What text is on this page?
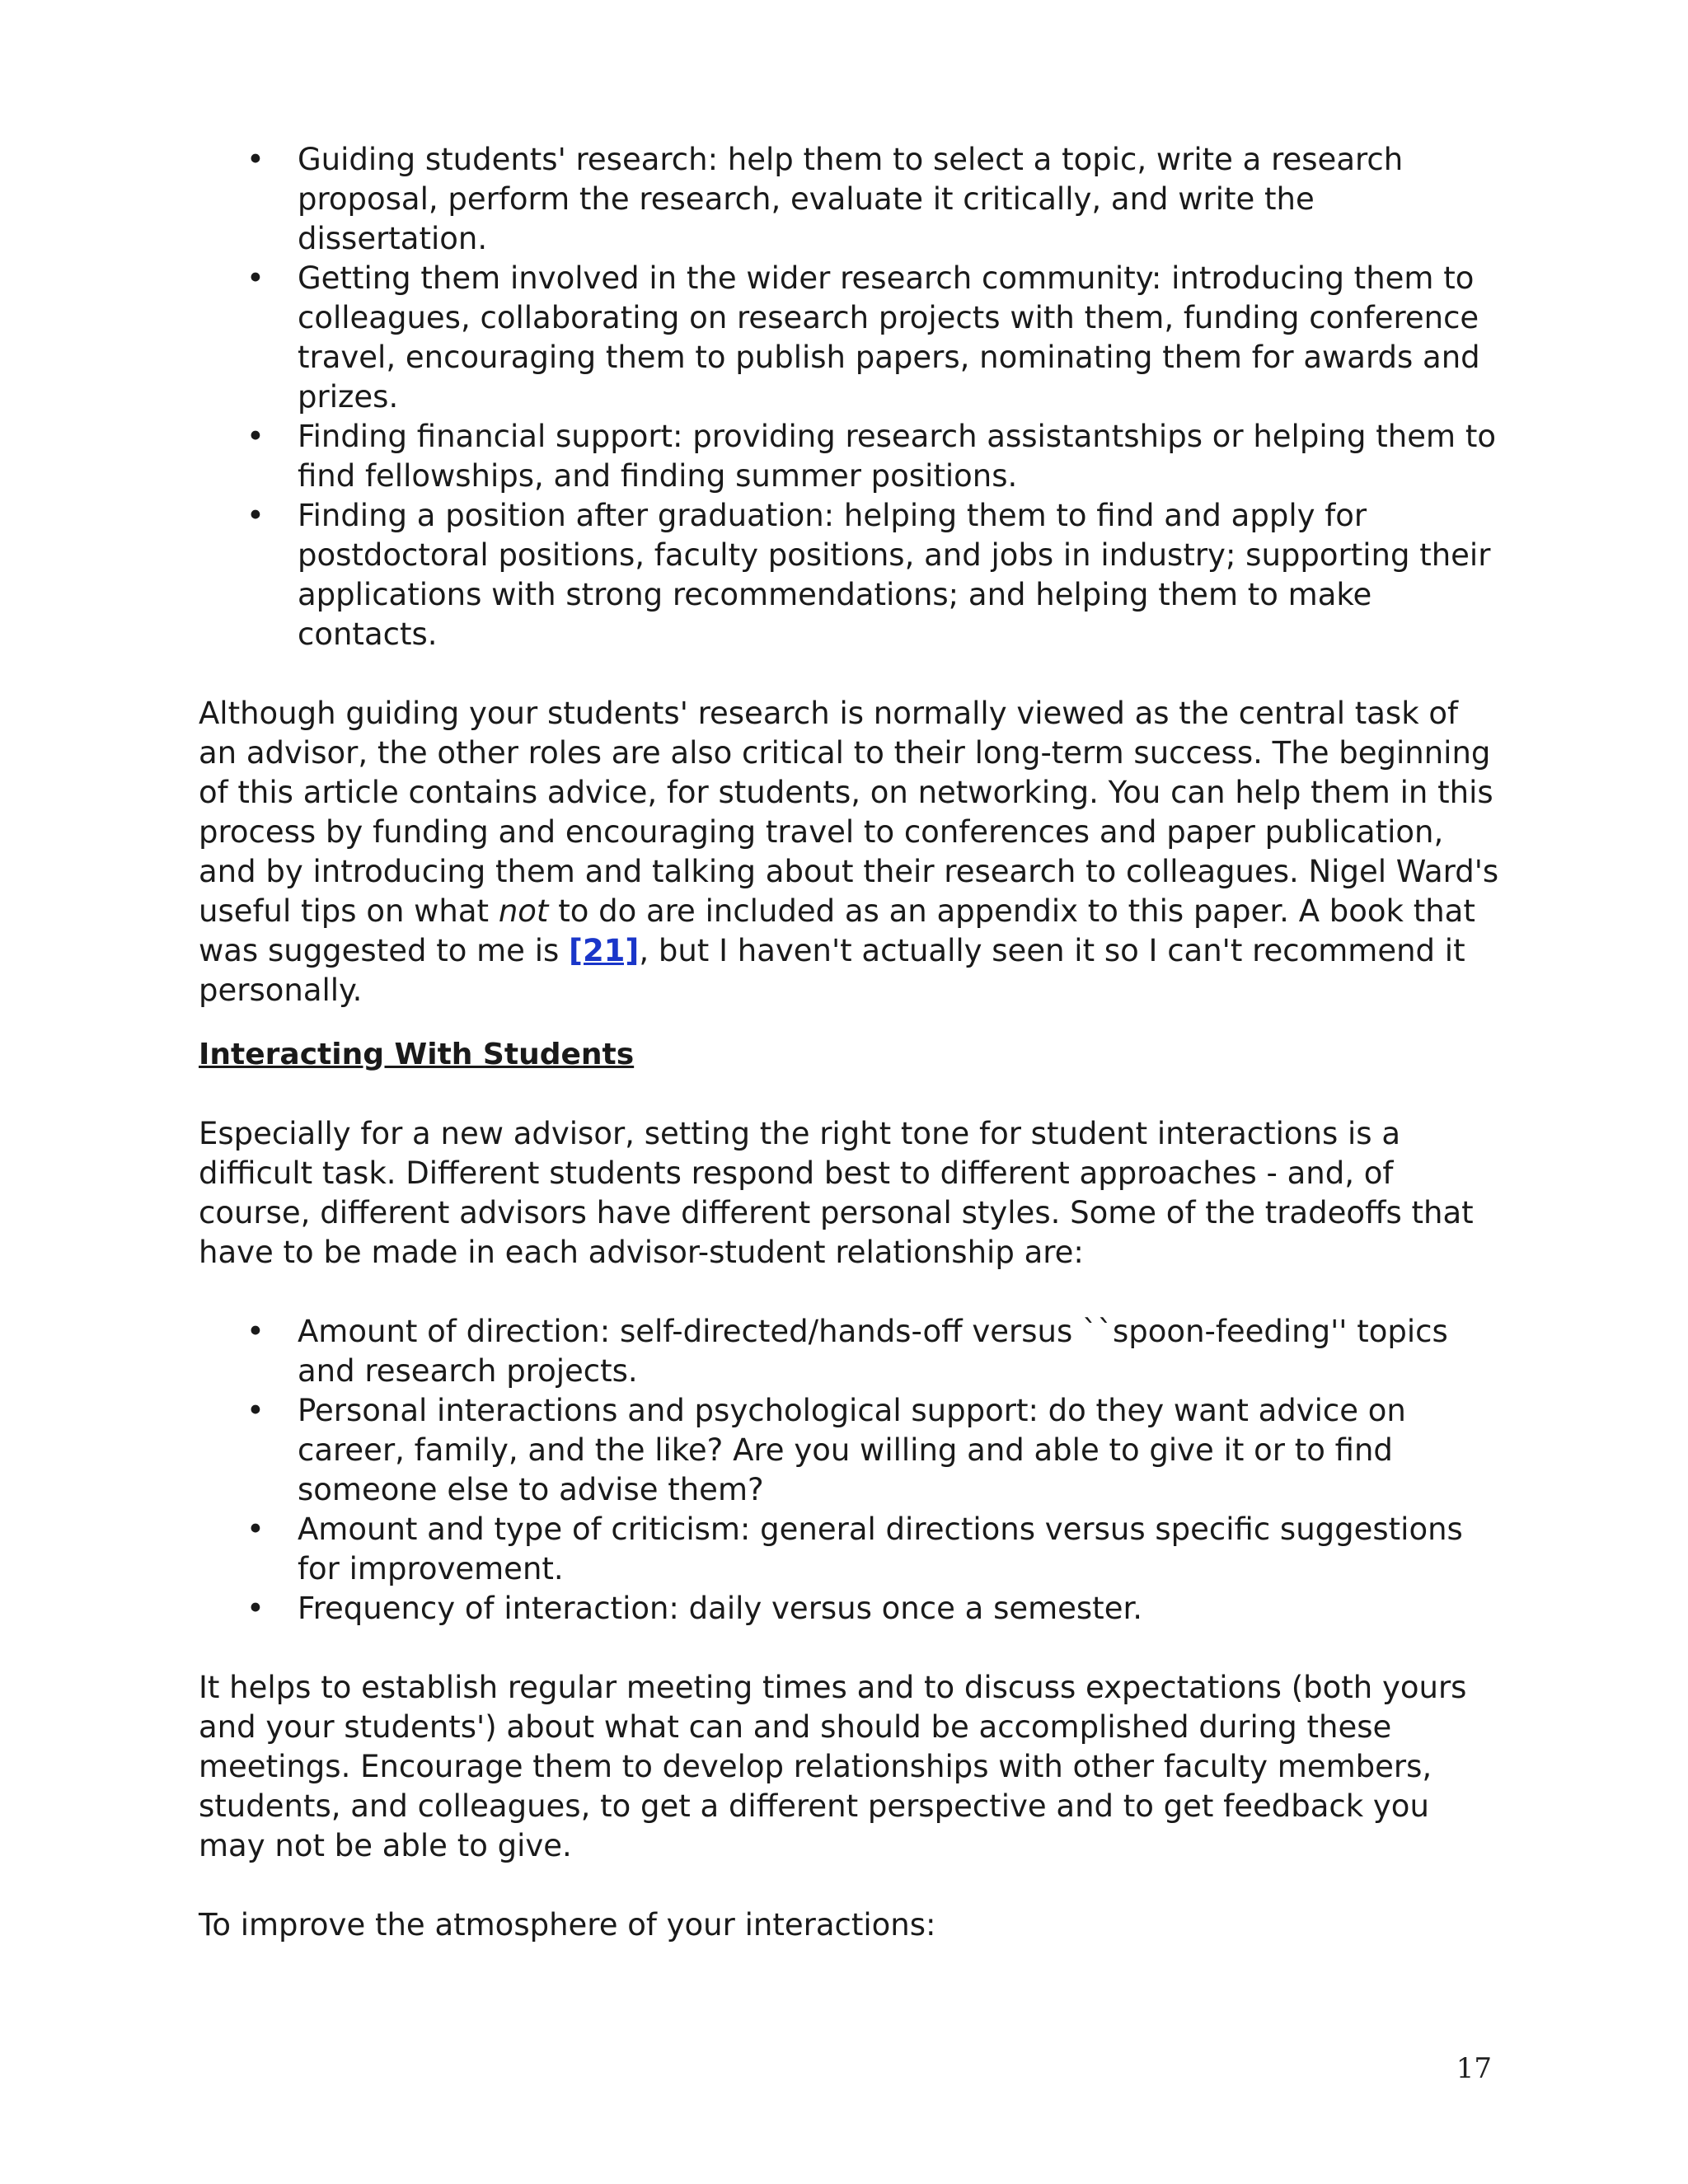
• Guiding students' research: help them to select a topic, write a research proposal, perform the research, evaluate it critically, and write the dissertation.
• Getting them involved in the wider research community: introducing them to colleagues, collaborating on research projects with them, funding conference travel, encouraging them to publish papers, nominating them for awards and prizes.
• Finding financial support: providing research assistantships or helping them to find fellowships, and finding summer positions.
• Finding a position after graduation: helping them to find and apply for postdoctoral positions, faculty positions, and jobs in industry; supporting their applications with strong recommendations; and helping them to make contacts.

Although guiding your students' research is normally viewed as the central task of an advisor, the other roles are also critical to their long-term success. The beginning of this article contains advice, for students, on networking. You can help them in this process by funding and encouraging travel to conferences and paper publication, and by introducing them and talking about their research to colleagues. Nigel Ward's useful tips on what not to do are included as an appendix to this paper. A book that was suggested to me is [21], but I haven't actually seen it so I can't recommend it personally.

Interacting With Students

Especially for a new advisor, setting the right tone for student interactions is a difficult task. Different students respond best to different approaches - and, of course, different advisors have different personal styles. Some of the tradeoffs that have to be made in each advisor-student relationship are:

• Amount of direction: self-directed/hands-off versus ``spoon-feeding'' topics and research projects.
• Personal interactions and psychological support: do they want advice on career, family, and the like? Are you willing and able to give it or to find someone else to advise them?
• Amount and type of criticism: general directions versus specific suggestions for improvement.
• Frequency of interaction: daily versus once a semester.

It helps to establish regular meeting times and to discuss expectations (both yours and your students') about what can and should be accomplished during these meetings. Encourage them to develop relationships with other faculty members, students, and colleagues, to get a different perspective and to get feedback you may not be able to give.

To improve the atmosphere of your interactions:

17
